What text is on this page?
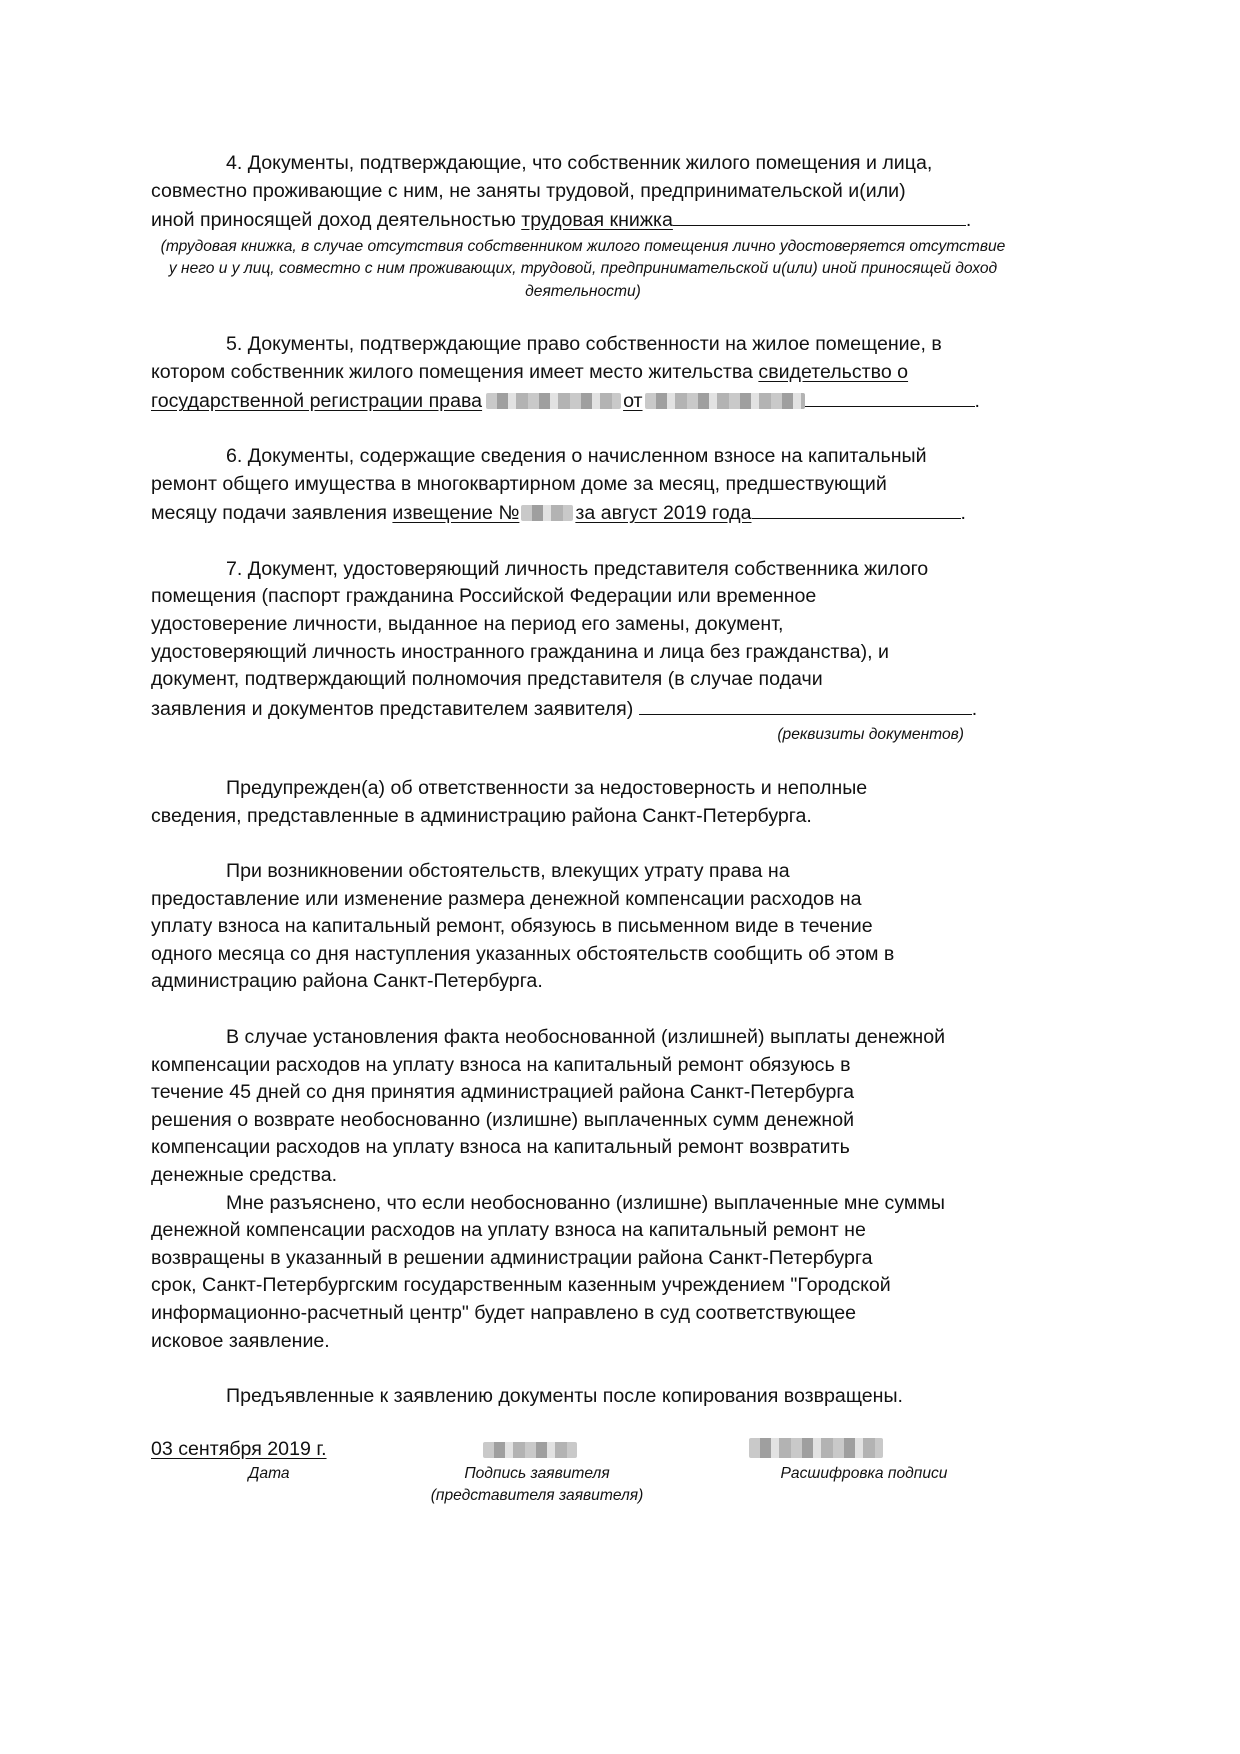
4. Документы, подтверждающие, что собственник жилого помещения и лица,

совместно проживающие с ним, не заняты трудовой, предпринимательской и(или)

иной приносящей доход деятельностью трудовая книжка	.

(трудовая книжка, в случае отсутствия собственником жилого помещения лично удостоверяется отсутствие у него и у лиц, совместно с ним проживающих, трудовой, предпринимательской и(или) иной приносящей доход деятельности)

5. Документы, подтверждающие право собственности на жилое помещение, в

котором собственник жилого помещения имеет место жительства свидетельство о

государственной регистрации права	от	.

6. Документы, содержащие сведения о начисленном взносе на капитальный

ремонт общего имущества в многоквартирном доме за месяц, предшествующий

месяцу подачи заявления извещение №	за август 2019 года	.

7. Документ, удостоверяющий личность представителя собственника жилого

помещения (паспорт гражданина Российской Федерации или временное

удостоверение личности, выданное на период его замены, документ,

удостоверяющий личность иностранного гражданина и лица без гражданства), и

документ, подтверждающий полномочия представителя (в случае подачи

заявления и документов представителем заявителя)	.

(реквизиты документов)

Предупрежден(а) об ответственности за недостоверность и неполные

сведения, представленные в администрацию района Санкт-Петербурга.

При возникновении обстоятельств, влекущих утрату права на

предоставление или изменение размера денежной компенсации расходов на

уплату взноса на капитальный ремонт, обязуюсь в письменном виде в течение

одного месяца со дня наступления указанных обстоятельств сообщить об этом в

администрацию района Санкт-Петербурга.

В случае установления факта необоснованной (излишней) выплаты денежной

компенсации расходов на уплату взноса на капитальный ремонт обязуюсь в

течение 45 дней со дня принятия администрацией района Санкт-Петербурга

решения о возврате необоснованно (излишне) выплаченных сумм денежной

компенсации расходов на уплату взноса на капитальный ремонт возвратить

денежные средства.

Мне разъяснено, что если необоснованно (излишне) выплаченные мне суммы

денежной компенсации расходов на уплату взноса на капитальный ремонт не

возвращены в указанный в решении администрации района Санкт-Петербурга

срок, Санкт-Петербургским государственным казенным учреждением "Городской

информационно-расчетный центр" будет направлено в суд соответствующее

исковое заявление.

Предъявленные к заявлению документы после копирования возвращены.

03 сентября 2019 г.
Дата	Подпись заявителя
(представителя заявителя)
Расшифровка подписи
